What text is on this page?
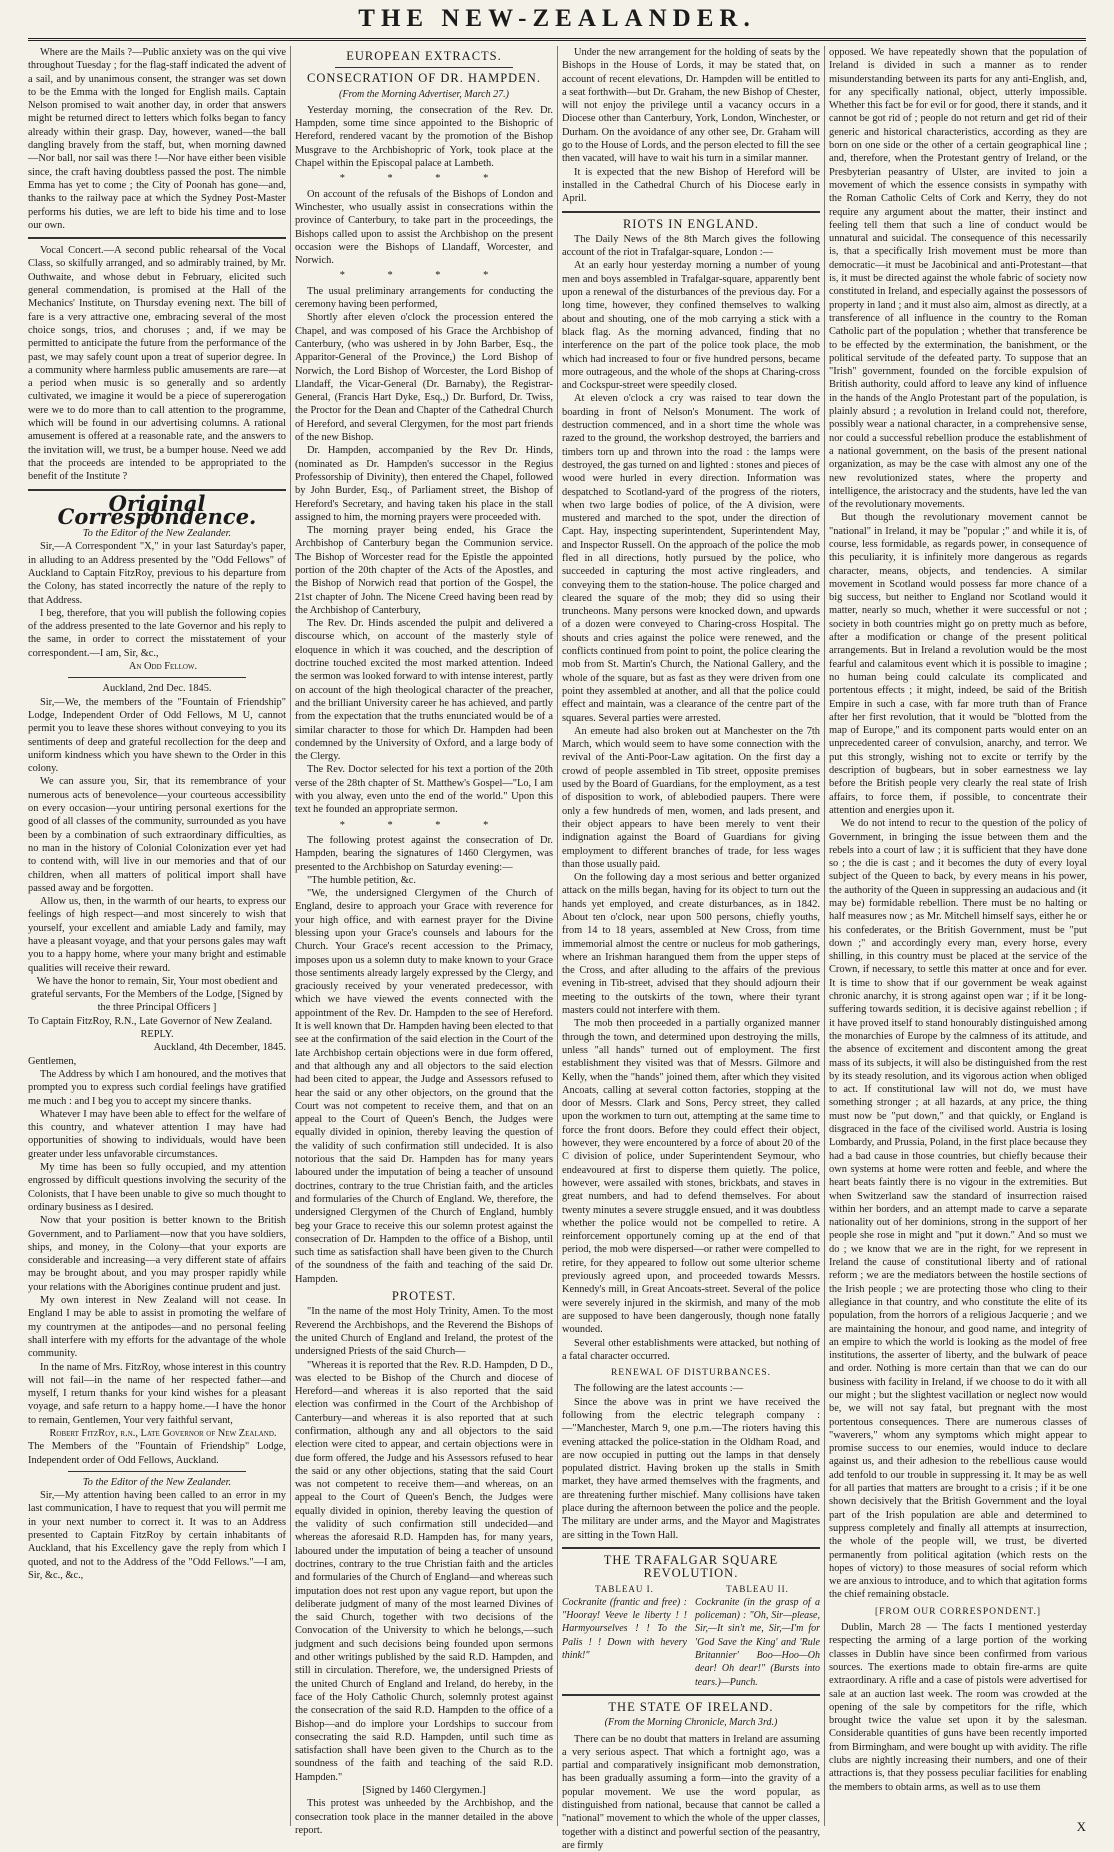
THE NEW-ZEALANDER.

Where are the Mails ?—Public anxiety was on the qui vive throughout Tuesday ; for the flag-staff indicated the advent of a sail, and by unanimous consent, the stranger was set down to be the Emma with the longed for English mails. Captain Nelson promised to wait another day, in order that answers might be returned direct to letters which folks began to fancy already within their grasp. Day, however, waned—the ball dangling bravely from the staff, but, when morning dawned—Nor ball, nor sail was there !—Nor have either been visible since, the craft having doubtless passed the post. The nimble Emma has yet to come ; the City of Poonah has gone—and, thanks to the railway pace at which the Sydney Post-Master performs his duties, we are left to bide his time and to lose our own.

Vocal Concert.—A second public rehearsal of the Vocal Class, so skilfully arranged, and so admirably trained, by Mr. Outhwaite, and whose debut in February, elicited such general commendation, is promised at the Hall of the Mechanics' Institute, on Thursday evening next. The bill of fare is a very attractive one, embracing several of the most choice songs, trios, and choruses ; and, if we may be permitted to anticipate the future from the performance of the past, we may safely count upon a treat of superior degree. In a community where harmless public amusements are rare—at a period when music is so generally and so ardently cultivated, we imagine it would be a piece of supererogation were we to do more than to call attention to the programme, which will be found in our advertising columns. A rational amusement is offered at a reasonable rate, and the answers to the invitation will, we trust, be a bumper house. Need we add that the proceeds are intended to be appropriated to the benefit of the Institute ?

Original Correspondence.

To the Editor of the New Zealander.

Sir,—A Correspondent "X," in your last Saturday's paper, in alluding to an Address presented by the "Odd Fellows" of Auckland to Captain FitzRoy, previous to his departure from the Colony, has stated incorrectly the nature of the reply to that Address.

I beg, therefore, that you will publish the following copies of the address presented to the late Governor and his reply to the same, in order to correct the misstatement of your correspondent.—I am, Sir, &c.,

An Odd Fellow.

Auckland, 2nd Dec. 1845.

Sir,—We, the members of the "Fountain of Friendship" Lodge, Independent Order of Odd Fellows, M U, cannot permit you to leave these shores without conveying to you its sentiments of deep and grateful recollection for the deep and uniform kindness which you have shewn to the Order in this colony.

We can assure you, Sir, that its remembrance of your numerous acts of benevolence—your courteous accessibility on every occasion—your untiring personal exertions for the good of all classes of the community, surrounded as you have been by a combination of such extraordinary difficulties, as no man in the history of Colonial Colonization ever yet had to contend with, will live in our memories and that of our children, when all matters of political import shall have passed away and be forgotten.

Allow us, then, in the warmth of our hearts, to express our feelings of high respect—and most sincerely to wish that yourself, your excellent and amiable Lady and family, may have a pleasant voyage, and that your persons gales may waft you to a happy home, where your many bright and estimable qualities will receive their reward.

We have the honor to remain, Sir, Your most obedient and grateful servants, For the Members of the Lodge, [Signed by the three Principal Officers ]

To Captain FitzRoy, R.N., Late Governor of New Zealand.

REPLY.

Auckland, 4th December, 1845.

Gentlemen,

The Address by which I am honoured, and the motives that prompted you to express such cordial feelings have gratified me much : and I beg you to accept my sincere thanks.

Whatever I may have been able to effect for the welfare of this country, and whatever attention I may have had opportunities of showing to individuals, would have been greater under less unfavorable circumstances.

My time has been so fully occupied, and my attention engrossed by difficult questions involving the security of the Colonists, that I have been unable to give so much thought to ordinary business as I desired.

Now that your position is better known to the British Government, and to Parliament—now that you have soldiers, ships, and money, in the Colony—that your exports are considerable and increasing—a very different state of affairs may be brought about, and you may prosper rapidly while your relations with the Aborigines continue prudent and just.

My own interest in New Zealand will not cease. In England I may be able to assist in promoting the welfare of my countrymen at the antipodes—and no personal feeling shall interfere with my efforts for the advantage of the whole community.

In the name of Mrs. FitzRoy, whose interest in this country will not fail—in the name of her respected father—and myself, I return thanks for your kind wishes for a pleasant voyage, and safe return to a happy home.—I have the honor to remain, Gentlemen, Your very faithful servant,

Robert FitzRoy, r.n., Late Governor of New Zealand.

The Members of the "Fountain of Friendship" Lodge, Independent order of Odd Fellows, Auckland.

To the Editor of the New Zealander.

Sir,—My attention having been called to an error in my last communication, I have to request that you will permit me in your next number to correct it. It was to an Address presented to Captain FitzRoy by certain inhabitants of Auckland, that his Excellency gave the reply from which I quoted, and not to the Address of the "Odd Fellows."—I am, Sir, &c., &c.,

EUROPEAN EXTRACTS.
CONSECRATION OF DR. HAMPDEN.
(From the Morning Advertiser, March 27.)

Yesterday morning, the consecration of the Rev. Dr. Hampden, some time since appointed to the Bishopric of Hereford, rendered vacant by the promotion of the Bishop Musgrave to the Archbishopric of York, took place at the Chapel within the Episcopal palace at Lambeth.

* * * *

On account of the refusals of the Bishops of London and Winchester, who usually assist in consecrations within the province of Canterbury, to take part in the proceedings, the Bishops called upon to assist the Archbishop on the present occasion were the Bishops of Llandaff, Worcester, and Norwich.

* * * *

The usual preliminary arrangements for conducting the ceremony having been performed,

Shortly after eleven o'clock the procession entered the Chapel, and was composed of his Grace the Archbishop of Canterbury, (who was ushered in by John Barber, Esq., the Apparitor-General of the Province,) the Lord Bishop of Norwich, the Lord Bishop of Worcester, the Lord Bishop of Llandaff, the Vicar-General (Dr. Barnaby), the Registrar-General, (Francis Hart Dyke, Esq.,) Dr. Burford, Dr. Twiss, the Proctor for the Dean and Chapter of the Cathedral Church of Hereford, and several Clergymen, for the most part friends of the new Bishop.

Dr. Hampden, accompanied by the Rev Dr. Hinds, (nominated as Dr. Hampden's successor in the Regius Professorship of Divinity), then entered the Chapel, followed by John Burder, Esq., of Parliament street, the Bishop of Hereford's Secretary, and having taken his place in the stall assigned to him, the morning prayers were proceeded with.

The morning prayer being ended, his Grace the Archbishop of Canterbury began the Communion service. The Bishop of Worcester read for the Epistle the appointed portion of the 20th chapter of the Acts of the Apostles, and the Bishop of Norwich read that portion of the Gospel, the 21st chapter of John. The Nicene Creed having been read by the Archbishop of Canterbury,

The Rev. Dr. Hinds ascended the pulpit and delivered a discourse which, on account of the masterly style of eloquence in which it was couched, and the description of doctrine touched excited the most marked attention. Indeed the sermon was looked forward to with intense interest, partly on account of the high theological character of the preacher, and the brilliant University career he has achieved, and partly from the expectation that the truths enunciated would be of a similar character to those for which Dr. Hampden had been condemned by the University of Oxford, and a large body of the Clergy.

The Rev. Doctor selected for his text a portion of the 20th verse of the 28th chapter of St. Matthew's Gospel—"Lo, I am with you alway, even unto the end of the world." Upon this text he founded an appropriate sermon.

* * * *

The following protest against the consecration of Dr. Hampden, bearing the signatures of 1460 Clergymen, was presented to the Archbishop on Saturday evening:—

"The humble petition, &c.

"We, the undersigned Clergymen of the Church of England, desire to approach your Grace with reverence for your high office, and with earnest prayer for the Divine blessing upon your Grace's counsels and labours for the Church. Your Grace's recent accession to the Primacy, imposes upon us a solemn duty to make known to your Grace those sentiments already largely expressed by the Clergy, and graciously received by your venerated predecessor, with which we have viewed the events connected with the appointment of the Rev. Dr. Hampden to the see of Hereford. It is well known that Dr. Hampden having been elected to that see at the confirmation of the said election in the Court of the late Archbishop certain objections were in due form offered, and that although any and all objectors to the said election had been cited to appear, the Judge and Assessors refused to hear the said or any other objectors, on the ground that the Court was not competent to receive them, and that on an appeal to the Court of Queen's Bench, the Judges were equally divided in opinion, thereby leaving the question of the validity of such confirmation still undecided. It is also notorious that the said Dr. Hampden has for many years laboured under the imputation of being a teacher of unsound doctrines, contrary to the true Christian faith, and the articles and formularies of the Church of England. We, therefore, the undersigned Clergymen of the Church of England, humbly beg your Grace to receive this our solemn protest against the consecration of Dr. Hampden to the office of a Bishop, until such time as satisfaction shall have been given to the Church of the soundness of the faith and teaching of the said Dr. Hampden.

PROTEST.

"In the name of the most Holy Trinity, Amen. To the most Reverend the Archbishops, and the Reverend the Bishops of the united Church of England and Ireland, the protest of the undersigned Priests of the said Church—

"Whereas it is reported that the Rev. R.D. Hampden, D D., was elected to be Bishop of the Church and diocese of Hereford—and whereas it is also reported that the said election was confirmed in the Court of the Archbishop of Canterbury—and whereas it is also reported that at such confirmation, although any and all objectors to the said election were cited to appear, and certain objections were in due form offered, the Judge and his Assessors refused to hear the said or any other objections, stating that the said Court was not competent to receive them—and whereas, on an appeal to the Court of Queen's Bench, the Judges were equally divided in opinion, thereby leaving the question of the validity of such confirmation still undecided—and whereas the aforesaid R.D. Hampden has, for many years, laboured under the imputation of being a teacher of unsound doctrines, contrary to the true Christian faith and the articles and formularies of the Church of England—and whereas such imputation does not rest upon any vague report, but upon the deliberate judgment of many of the most learned Divines of the said Church, together with two decisions of the Convocation of the University to which he belongs,—such judgment and such decisions being founded upon sermons and other writings published by the said R.D. Hampden, and still in circulation. Therefore, we, the undersigned Priests of the united Church of England and Ireland, do hereby, in the face of the Holy Catholic Church, solemnly protest against the consecration of the said R.D. Hampden to the office of a Bishop—and do implore your Lordships to succour from consecrating the said R.D. Hampden, until such time as satisfaction shall have been given to the Church as to the soundness of the faith and teaching of the said R.D. Hampden."

[Signed by 1460 Clergymen.]

This protest was unheeded by the Archbishop, and the consecration took place in the manner detailed in the above report.

Under the new arrangement for the holding of seats by the Bishops in the House of Lords, it may be stated that, on account of recent elevations, Dr. Hampden will be entitled to a seat forthwith—but Dr. Graham, the new Bishop of Chester, will not enjoy the privilege until a vacancy occurs in a Diocese other than Canterbury, York, London, Winchester, or Durham. On the avoidance of any other see, Dr. Graham will go to the House of Lords, and the person elected to fill the see then vacated, will have to wait his turn in a similar manner.

It is expected that the new Bishop of Hereford will be installed in the Cathedral Church of his Diocese early in April.

RIOTS IN ENGLAND.

The Daily News of the 8th March gives the following account of the riot in Trafalgar-square, London :—

At an early hour yesterday morning a number of young men and boys assembled in Trafalgar-square, apparently bent upon a renewal of the disturbances of the previous day. For a long time, however, they confined themselves to walking about and shouting, one of the mob carrying a stick with a black flag. As the morning advanced, finding that no interference on the part of the police took place, the mob which had increased to four or five hundred persons, became more outrageous, and the whole of the shops at Charing-cross and Cockspur-street were speedily closed.

At eleven o'clock a cry was raised to tear down the boarding in front of Nelson's Monument. The work of destruction commenced, and in a short time the whole was razed to the ground, the workshop destroyed, the barriers and timbers torn up and thrown into the road : the lamps were destroyed, the gas turned on and lighted : stones and pieces of wood were hurled in every direction. Information was despatched to Scotland-yard of the progress of the rioters, when two large bodies of police, of the A division, were mustered and marched to the spot, under the direction of Capt. Hay, inspecting superintendent, Superintendent May, and Inspector Russell. On the approach of the police the mob fled in all directions, hotly pursued by the police, who succeeded in capturing the most active ringleaders, and conveying them to the station-house. The police charged and cleared the square of the mob; they did so using their truncheons. Many persons were knocked down, and upwards of a dozen were conveyed to Charing-cross Hospital. The shouts and cries against the police were renewed, and the conflicts continued from point to point, the police clearing the mob from St. Martin's Church, the National Gallery, and the whole of the square, but as fast as they were driven from one point they assembled at another, and all that the police could effect and maintain, was a clearance of the centre part of the squares. Several parties were arrested.

An emeute had also broken out at Manchester on the 7th March, which would seem to have some connection with the revival of the Anti-Poor-Law agitation. On the first day a crowd of people assembled in Tib street, opposite premises used by the Board of Guardians, for the employment, as a test of disposition to work, of ablebodied paupers. There were only a few hundreds of men, women, and lads present, and their object appears to have been merely to vent their indignation against the Board of Guardians for giving employment to different branches of trade, for less wages than those usually paid.

On the following day a most serious and better organized attack on the mills began, having for its object to turn out the hands yet employed, and create disturbances, as in 1842. About ten o'clock, near upon 500 persons, chiefly youths, from 14 to 18 years, assembled at New Cross, from time immemorial almost the centre or nucleus for mob gatherings, where an Irishman harangued them from the upper steps of the Cross, and after alluding to the affairs of the previous evening in Tib-street, advised that they should adjourn their meeting to the outskirts of the town, where their tyrant masters could not interfere with them.

The mob then proceeded in a partially organized manner through the town, and determined upon destroying the mills, unless "all hands" turned out of employment. The first establishment they visited was that of Messrs. Gilmore and Kelly, when the "hands" joined them, after which they visited Ancoats, calling at several cotton factories, stopping at the door of Messrs. Clark and Sons, Percy street, they called upon the workmen to turn out, attempting at the same time to force the front doors. Before they could effect their object, however, they were encountered by a force of about 20 of the C division of police, under Superintendent Seymour, who endeavoured at first to disperse them quietly. The police, however, were assailed with stones, brickbats, and staves in great numbers, and had to defend themselves. For about twenty minutes a severe struggle ensued, and it was doubtless whether the police would not be compelled to retire. A reinforcement opportunely coming up at the end of that period, the mob were dispersed—or rather were compelled to retire, for they appeared to follow out some ulterior scheme previously agreed upon, and proceeded towards Messrs. Kennedy's mill, in Great Ancoats-street. Several of the police were severely injured in the skirmish, and many of the mob are supposed to have been dangerously, though none fatally wounded.

Several other establishments were attacked, but nothing of a fatal character occurred.

RENEWAL OF DISTURBANCES.

The following are the latest accounts :—

Since the above was in print we have received the following from the electric telegraph company :—"Manchester, March 9, one p.m.—The rioters having this evening attacked the police-station in the Oldham Road, and are now occupied in putting out the lamps in that densely populated district. Having broken up the stalls in Smith market, they have armed themselves with the fragments, and are threatening further mischief. Many collisions have taken place during the afternoon between the police and the people. The military are under arms, and the Mayor and Magistrates are sitting in the Town Hall.

THE TRAFALGAR SQUARE REVOLUTION.
TABLEAU I.
Cockranite (frantic and free) : "Hooray! Veeve le liberty ! ! Harmyourselves ! ! To the Palis ! ! Down with hevery think!"
TABLEAU II.
Cockranite (in the grasp of a policeman) : "Oh, Sir—please, Sir,—It sin't me, Sir,—I'm for 'God Save the King' and 'Rule Britannier' Boo—Hoo—Oh dear! Oh dear!" (Bursts into tears.)—Punch.
THE STATE OF IRELAND.
(From the Morning Chronicle, March 3rd.)

There can be no doubt that matters in Ireland are assuming a very serious aspect. That which a fortnight ago, was a partial and comparatively insignificant mob demonstration, has been gradually assuming a form—into the gravity of a popular movement. We use the word popular, as distinguished from national, because that cannot be called a "national" movement to which the whole of the upper classes, together with a distinct and powerful section of the peasantry, are firmly

opposed. We have repeatedly shown that the population of Ireland is divided in such a manner as to render misunderstanding between its parts for any anti-English, and, for any specifically national, object, utterly impossible. Whether this fact be for evil or for good, there it stands, and it cannot be got rid of ; people do not return and get rid of their generic and historical characteristics, according as they are born on one side or the other of a certain geographical line ; and, therefore, when the Protestant gentry of Ireland, or the Presbyterian peasantry of Ulster, are invited to join a movement of which the essence consists in sympathy with the Roman Catholic Celts of Cork and Kerry, they do not require any argument about the matter, their instinct and feeling tell them that such a line of conduct would be unnatural and suicidal. The consequence of this necessarily is, that a specifically Irish movement must be more than democratic—it must be Jacobinical and anti-Protestant—that is, it must be directed against the whole fabric of society now constituted in Ireland, and especially against the possessors of property in land ; and it must also aim, almost as directly, at a transference of all influence in the country to the Roman Catholic part of the population ; whether that transference be to be effected by the extermination, the banishment, or the political servitude of the defeated party. To suppose that an "Irish" government, founded on the forcible expulsion of British authority, could afford to leave any kind of influence in the hands of the Anglo Protestant part of the population, is plainly absurd ; a revolution in Ireland could not, therefore, possibly wear a national character, in a comprehensive sense, nor could a successful rebellion produce the establishment of a national government, on the basis of the present national organization, as may be the case with almost any one of the new revolutionized states, where the property and intelligence, the aristocracy and the students, have led the van of the revolutionary movements.

But though the revolutionary movement cannot be "national" in Ireland, it may be "popular ;" and while it is, of course, less formidable, as regards power, in consequence of this peculiarity, it is infinitely more dangerous as regards character, means, objects, and tendencies. A similar movement in Scotland would possess far more chance of a big success, but neither to England nor Scotland would it matter, nearly so much, whether it were successful or not ; society in both countries might go on pretty much as before, after a modification or change of the present political arrangements. But in Ireland a revolution would be the most fearful and calamitous event which it is possible to imagine ; no human being could calculate its complicated and portentous effects ; it might, indeed, be said of the British Empire in such a case, with far more truth than of France after her first revolution, that it would be "blotted from the map of Europe," and its component parts would enter on an unprecedented career of convulsion, anarchy, and terror. We put this strongly, wishing not to excite or terrify by the description of bugbears, but in sober earnestness we lay before the British people very clearly the real state of Irish affairs, to force them, if possible, to concentrate their attention and energies upon it.

We do not intend to recur to the question of the policy of Government, in bringing the issue between them and the rebels into a court of law ; it is sufficient that they have done so ; the die is cast ; and it becomes the duty of every loyal subject of the Queen to back, by every means in his power, the authority of the Queen in suppressing an audacious and (it may be) formidable rebellion. There must be no halting or half measures now ; as Mr. Mitchell himself says, either he or his confederates, or the British Government, must be "put down ;" and accordingly every man, every horse, every shilling, in this country must be placed at the service of the Crown, if necessary, to settle this matter at once and for ever. It is time to show that if our government be weak against chronic anarchy, it is strong against open war ; if it be long-suffering towards sedition, it is decisive against rebellion ; if it have proved itself to stand honourably distinguished among the monarchies of Europe by the calmness of its attitude, and the absence of excitement and discontent among the great mass of its subjects, it will also be distinguished from the rest by its steady resolution, and its vigorous action when obliged to act. If constitutional law will not do, we must have something stronger ; at all hazards, at any price, the thing must now be "put down," and that quickly, or England is disgraced in the face of the civilised world. Austria is losing Lombardy, and Prussia, Poland, in the first place because they had a bad cause in those countries, but chiefly because their own systems at home were rotten and feeble, and where the heart beats faintly there is no vigour in the extremities. But when Switzerland saw the standard of insurrection raised within her borders, and an attempt made to carve a separate nationality out of her dominions, strong in the support of her people she rose in might and "put it down." And so must we do ; we know that we are in the right, for we represent in Ireland the cause of constitutional liberty and of rational reform ; we are the mediators between the hostile sections of the Irish people ; we are protecting those who cling to their allegiance in that country, and who constitute the elite of its population, from the horrors of a religious Jacquerie ; and we are maintaining the honour, and good name, and integrity of an empire to which the world is looking as the model of free institutions, the asserter of liberty, and the bulwark of peace and order. Nothing is more certain than that we can do our business with facility in Ireland, if we choose to do it with all our might ; but the slightest vacillation or neglect now would be, we will not say fatal, but pregnant with the most portentous consequences. There are numerous classes of "waverers," whom any symptoms which might appear to promise success to our enemies, would induce to declare against us, and their adhesion to the rebellious cause would add tenfold to our trouble in suppressing it. It may be as well for all parties that matters are brought to a crisis ; if it be one shown decisively that the British Government and the loyal part of the Irish population are able and determined to suppress completely and finally all attempts at insurrection, the whole of the people will, we trust, be diverted permanently from political agitation (which rests on the hopes of victory) to those measures of social reform which we are anxious to introduce, and to which that agitation forms the chief remaining obstacle.

[FROM OUR CORRESPONDENT.]

Dublin, March 28 — The facts I mentioned yesterday respecting the arming of a large portion of the working classes in Dublin have since been confirmed from various sources. The exertions made to obtain fire-arms are quite extraordinary. A rifle and a case of pistols were advertised for sale at an auction last week. The room was crowded at the opening of the sale by competitors for the rifle, which brought twice the value set upon it by the salesman. Considerable quantities of guns have been recently imported from Birmingham, and were bought up with avidity. The rifle clubs are nightly increasing their numbers, and one of their attractions is, that they possess peculiar facilities for enabling the members to obtain arms, as well as to use them

X
